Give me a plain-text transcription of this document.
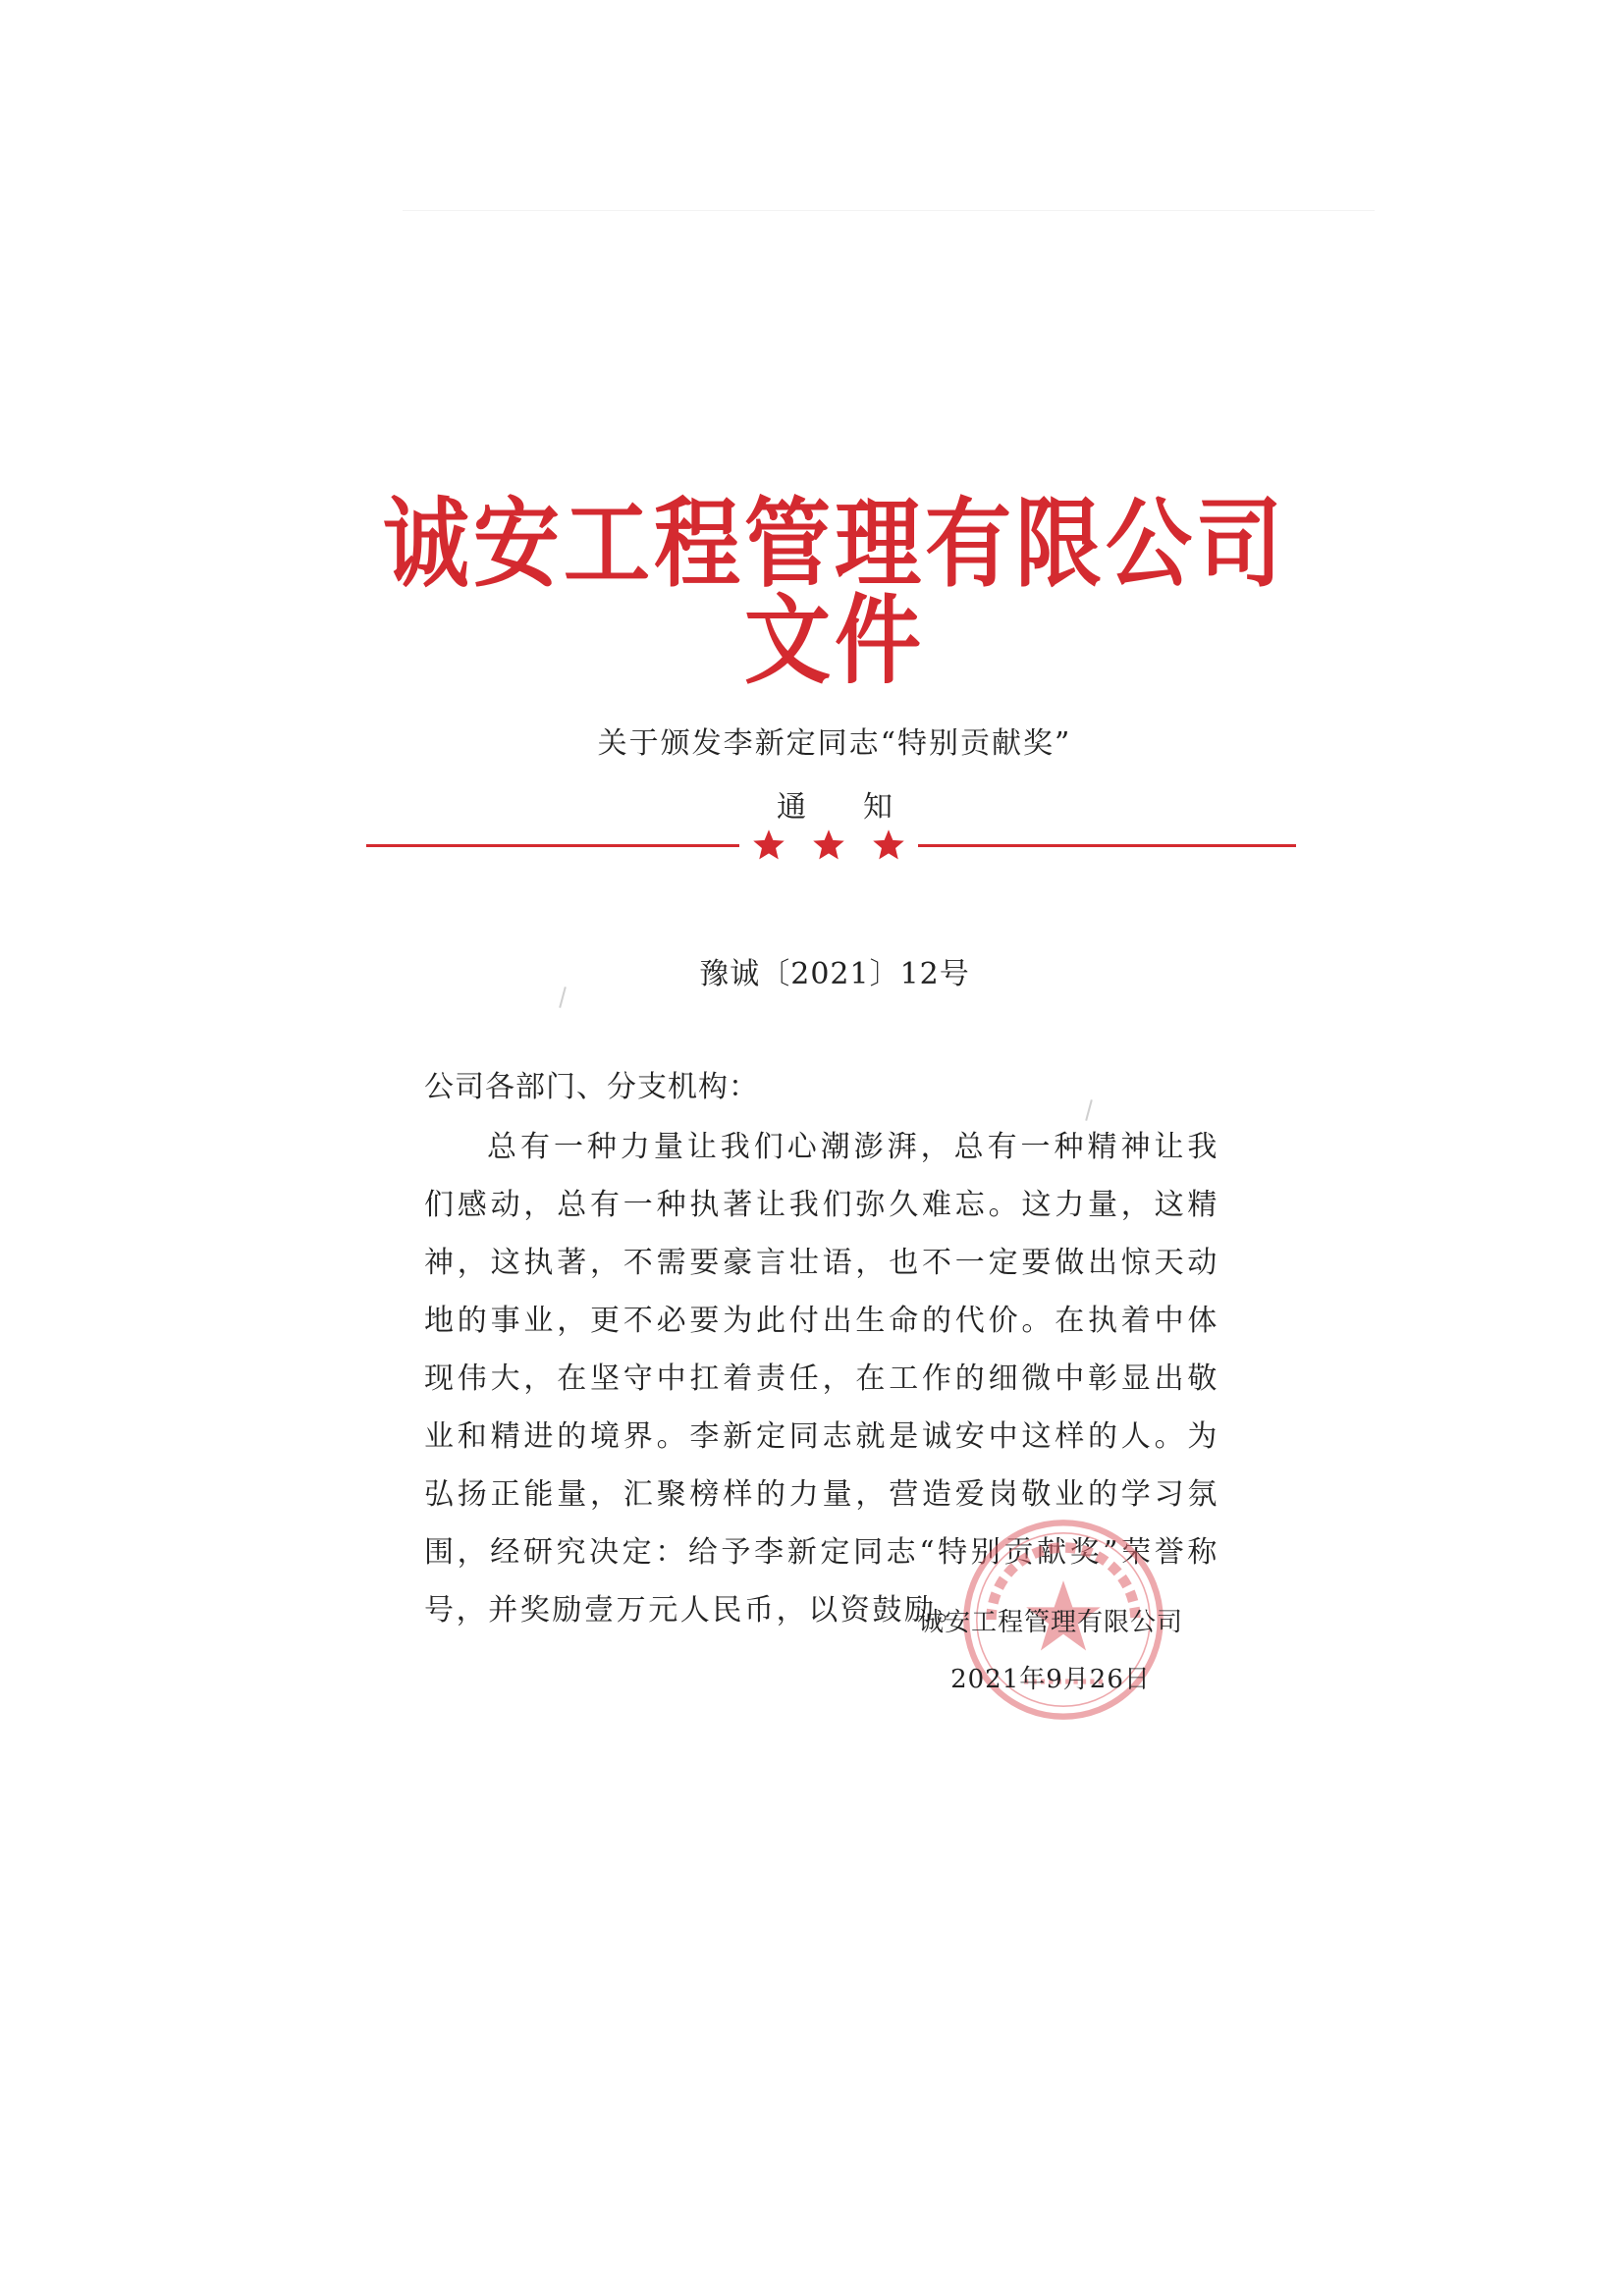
诚安工程管理有限公司文件
关于颁发李新定同志“特别贡献奖”
通知
豫诚〔2021〕12号
公司各部门、分支机构：

总有一种力量让我们心潮澎湃，总有一种精神让我们感动，总有一种执著让我们弥久难忘。这力量，这精神，这执著，不需要豪言壮语，也不一定要做出惊天动地的事业，更不必要为此付出生命的代价。在执着中体现伟大，在坚守中扛着责任，在工作的细微中彰显出敬业和精进的境界。李新定同志就是诚安中这样的人。为弘扬正能量，汇聚榜样的力量，营造爱岗敬业的学习氛围，经研究决定：给予李新定同志“特别贡献奖”荣誉称号，并奖励壹万元人民币，以资鼓励。

诚安工程管理有限公司
2021年9月26日
